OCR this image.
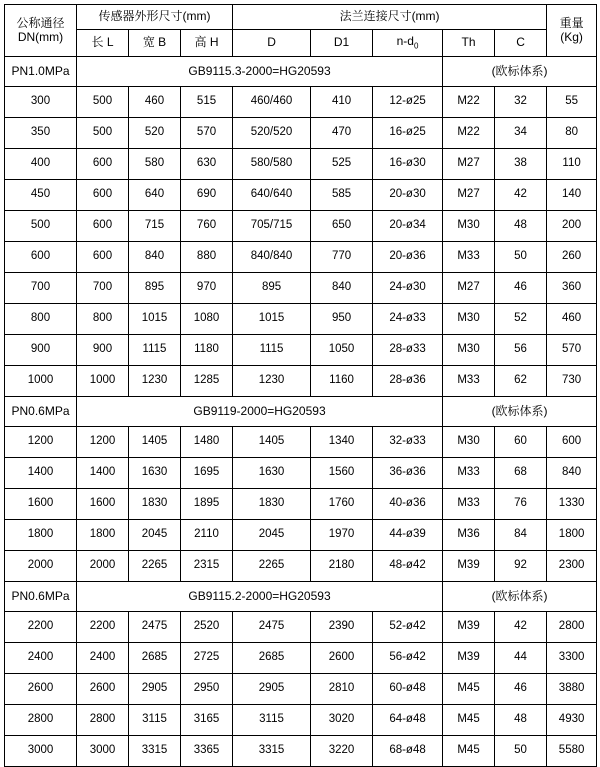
公称通径
DN(mm)	传感器外形尺寸(mm)			法兰连接尺寸(mm)					重量
(Kg)

	长 L	宽 B	高 H	D	D1	$n-d_0$	Th	C	
PN1.0MPa	GB9115.3-2000=HG20593						(欧标体系)		
300	500	460	515	460/460	410	12-ø25	M22	32	55
350	500	520	570	520/520	470	16-ø25	M22	34	80
400	600	580	630	580/580	525	16-ø30	M27	38	110
450	600	640	690	640/640	585	20-ø30	M27	42	140
500	600	715	760	705/715	650	20-ø34	M30	48	200
600	600	840	880	840/840	770	20-ø36	M33	50	260
700	700	895	970	895	840	24-ø30	M27	46	360
800	800	1015	1080	1015	950	24-ø33	M30	52	460
900	900	1115	1180	1115	1050	28-ø33	M30	56	570
1000	1000	1230	1285	1230	1160	28-ø36	M33	62	730
PN0.6MPa	GB9119-2000=HG20593						(欧标体系)		
1200	1200	1405	1480	1405	1340	32-ø33	M30	60	600
1400	1400	1630	1695	1630	1560	36-ø36	M33	68	840
1600	1600	1830	1895	1830	1760	40-ø36	M33	76	1330
1800	1800	2045	2110	2045	1970	44-ø39	M36	84	1800
2000	2000	2265	2315	2265	2180	48-ø42	M39	92	2300
PN0.6MPa	GB9115.2-2000=HG20593						(欧标体系)		
2200	2200	2475	2520	2475	2390	52-ø42	M39	42	2800
2400	2400	2685	2725	2685	2600	56-ø42	M39	44	3300
2600	2600	2905	2950	2905	2810	60-ø48	M45	46	3880
2800	2800	3115	3165	3115	3020	64-ø48	M45	48	4930
3000	3000	3315	3365	3315	3220	68-ø48	M45	50	5580
